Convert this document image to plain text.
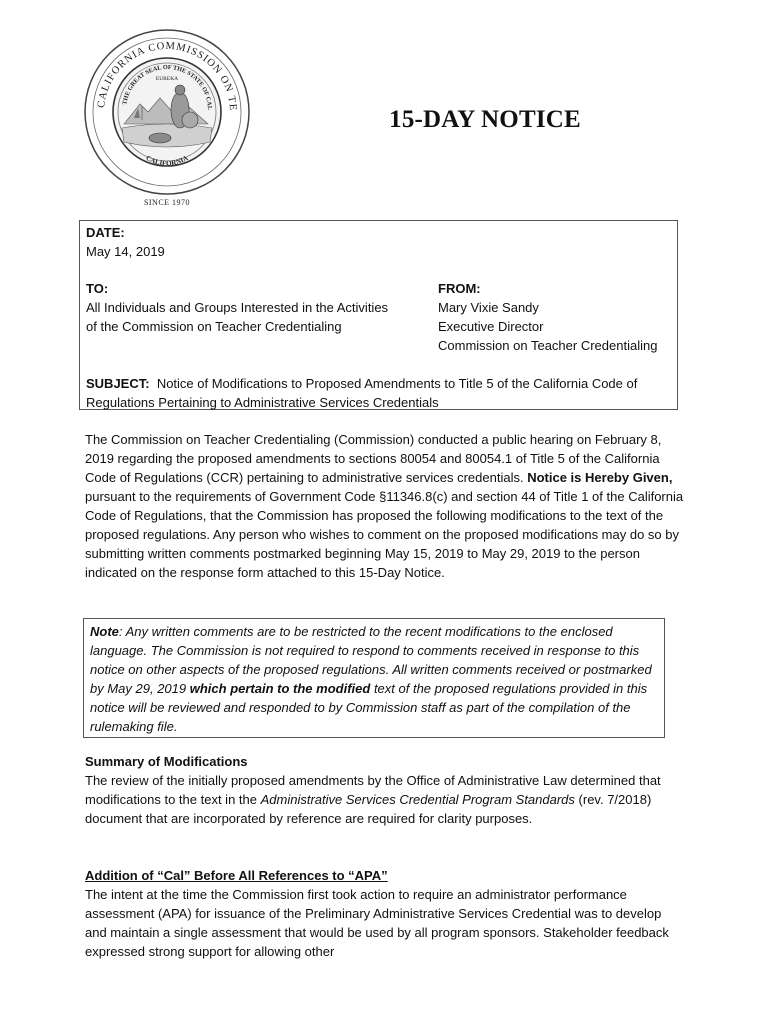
CALIFORNIA COMMISSION ON TE
THE GREAT SEAL OF THE STATE OF CAL
EUREKA
CALIFORNIA
SINCE 1970
15-DAY NOTICE
DATE:
May 14, 2019
TO:
All Individuals and Groups Interested in the Activities
of the Commission on Teacher Credentialing
FROM:
Mary Vixie Sandy
Executive Director
Commission on Teacher Credentialing
SUBJECT: Notice of Modifications to Proposed Amendments to Title 5 of the California Code of Regulations Pertaining to Administrative Services Credentials
The Commission on Teacher Credentialing (Commission) conducted a public hearing on February 8, 2019 regarding the proposed amendments to sections 80054 and 80054.1 of Title 5 of the California Code of Regulations (CCR) pertaining to administrative services credentials. Notice is Hereby Given, pursuant to the requirements of Government Code §11346.8(c) and section 44 of Title 1 of the California Code of Regulations, that the Commission has proposed the following modifications to the text of the proposed regulations. Any person who wishes to comment on the proposed modifications may do so by submitting written comments postmarked beginning May 15, 2019 to May 29, 2019 to the person indicated on the response form attached to this 15-Day Notice.
Note: Any written comments are to be restricted to the recent modifications to the enclosed language. The Commission is not required to respond to comments received in response to this notice on other aspects of the proposed regulations. All written comments received or postmarked by May 29, 2019 which pertain to the modified text of the proposed regulations provided in this notice will be reviewed and responded to by Commission staff as part of the compilation of the rulemaking file.
Summary of Modifications
The review of the initially proposed amendments by the Office of Administrative Law determined that modifications to the text in the Administrative Services Credential Program Standards (rev. 7/2018) document that are incorporated by reference are required for clarity purposes.
Addition of “Cal” Before All References to “APA”
The intent at the time the Commission first took action to require an administrator performance assessment (APA) for issuance of the Preliminary Administrative Services Credential was to develop and maintain a single assessment that would be used by all program sponsors. Stakeholder feedback expressed strong support for allowing other
